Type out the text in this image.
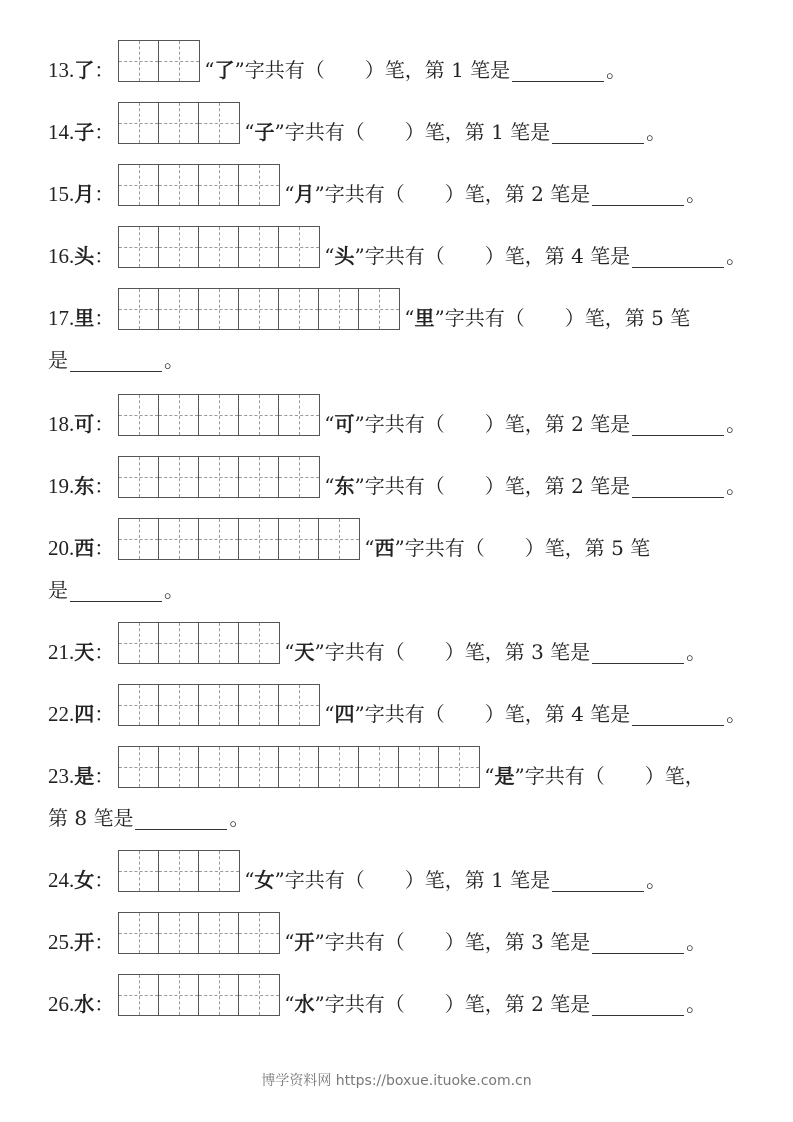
13. 了 ：	“ 了 ” 字共有（　　）笔， 第 1 笔是	。
14. 子 ：	“ 子 ” 字共有（　　）笔， 第 1 笔是	。
15. 月 ：	“ 月 ” 字共有（　　）笔， 第 2 笔是	。
16. 头 ：	“ 头 ” 字共有（　　）笔， 第 4 笔是	。
17. 里 ：	“ 里 ” 字共有（　　）笔， 第 5 笔
是	。
18. 可 ：	“ 可 ” 字共有（　　）笔， 第 2 笔是	。
19. 东 ：	“ 东 ” 字共有（　　）笔， 第 2 笔是	。
20. 西 ：	“ 西 ” 字共有（　　）笔， 第 5 笔
是	。
21. 天 ：	“ 天 ” 字共有（　　）笔， 第 3 笔是	。
22. 四 ：	“ 四 ” 字共有（　　）笔， 第 4 笔是	。
23. 是 ：	“ 是 ” 字共有（　　）笔，
第 8 笔是	。
24. 女 ：	“ 女 ” 字共有（　　）笔， 第 1 笔是	。
25. 开 ：	“ 开 ” 字共有（　　）笔， 第 3 笔是	。
26. 水 ：	“ 水 ” 字共有（　　）笔， 第 2 笔是	。
博学资料网 https://boxue.ituoke.com.cn
